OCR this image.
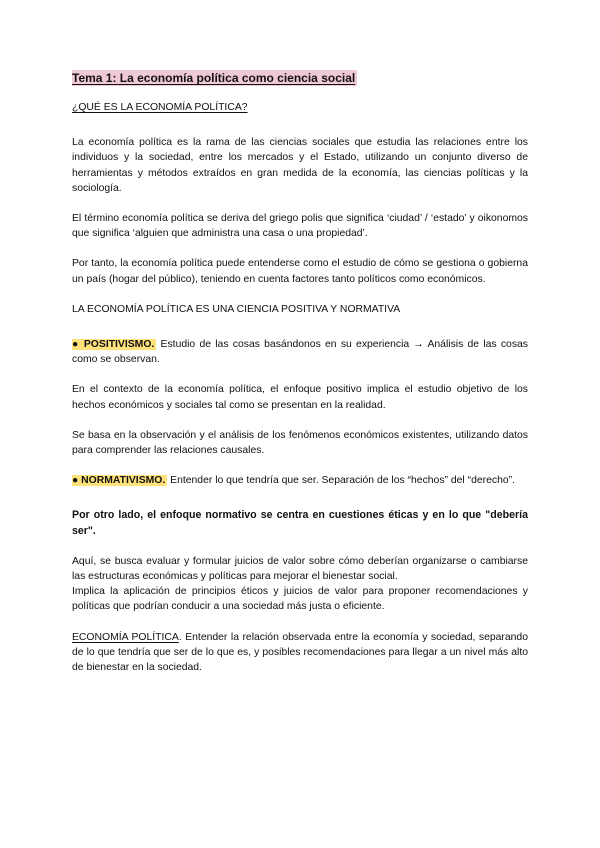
Tema 1: La economía política como ciencia social

¿QUÉ ES LA ECONOMÍA POLÍTICA?

La economía política es la rama de las ciencias sociales que estudia las relaciones entre los individuos y la sociedad, entre los mercados y el Estado, utilizando un conjunto diverso de herramientas y métodos extraídos en gran medida de la economía, las ciencias políticas y la sociología.

El término economía política se deriva del griego polis que significa ‘ciudad’ / ‘estado’ y oikonomos que significa ‘alguien que administra una casa o una propiedad’.

Por tanto, la economía política puede entenderse como el estudio de cómo se gestiona o gobierna un país (hogar del público), teniendo en cuenta factores tanto políticos como económicos.

LA ECONOMÍA POLÍTICA ES UNA CIENCIA POSITIVA Y NORMATIVA

● POSITIVISMO. Estudio de las cosas basándonos en su experiencia → Análisis de las cosas como se observan.

En el contexto de la economía política, el enfoque positivo implica el estudio objetivo de los hechos económicos y sociales tal como se presentan en la realidad.

Se basa en la observación y el análisis de los fenómenos económicos existentes, utilizando datos para comprender las relaciones causales.

● NORMATIVISMO. Entender lo que tendría que ser. Separación de los “hechos” del “derecho”.

Por otro lado, el enfoque normativo se centra en cuestiones éticas y en lo que "debería ser".

Aquí, se busca evaluar y formular juicios de valor sobre cómo deberían organizarse o cambiarse las estructuras económicas y políticas para mejorar el bienestar social.

Implica la aplicación de principios éticos y juicios de valor para proponer recomendaciones y políticas que podrían conducir a una sociedad más justa o eficiente.

ECONOMÍA POLÍTICA. Entender la relación observada entre la economía y sociedad, separando de lo que tendría que ser de lo que es, y posibles recomendaciones para llegar a un nivel más alto de bienestar en la sociedad.
